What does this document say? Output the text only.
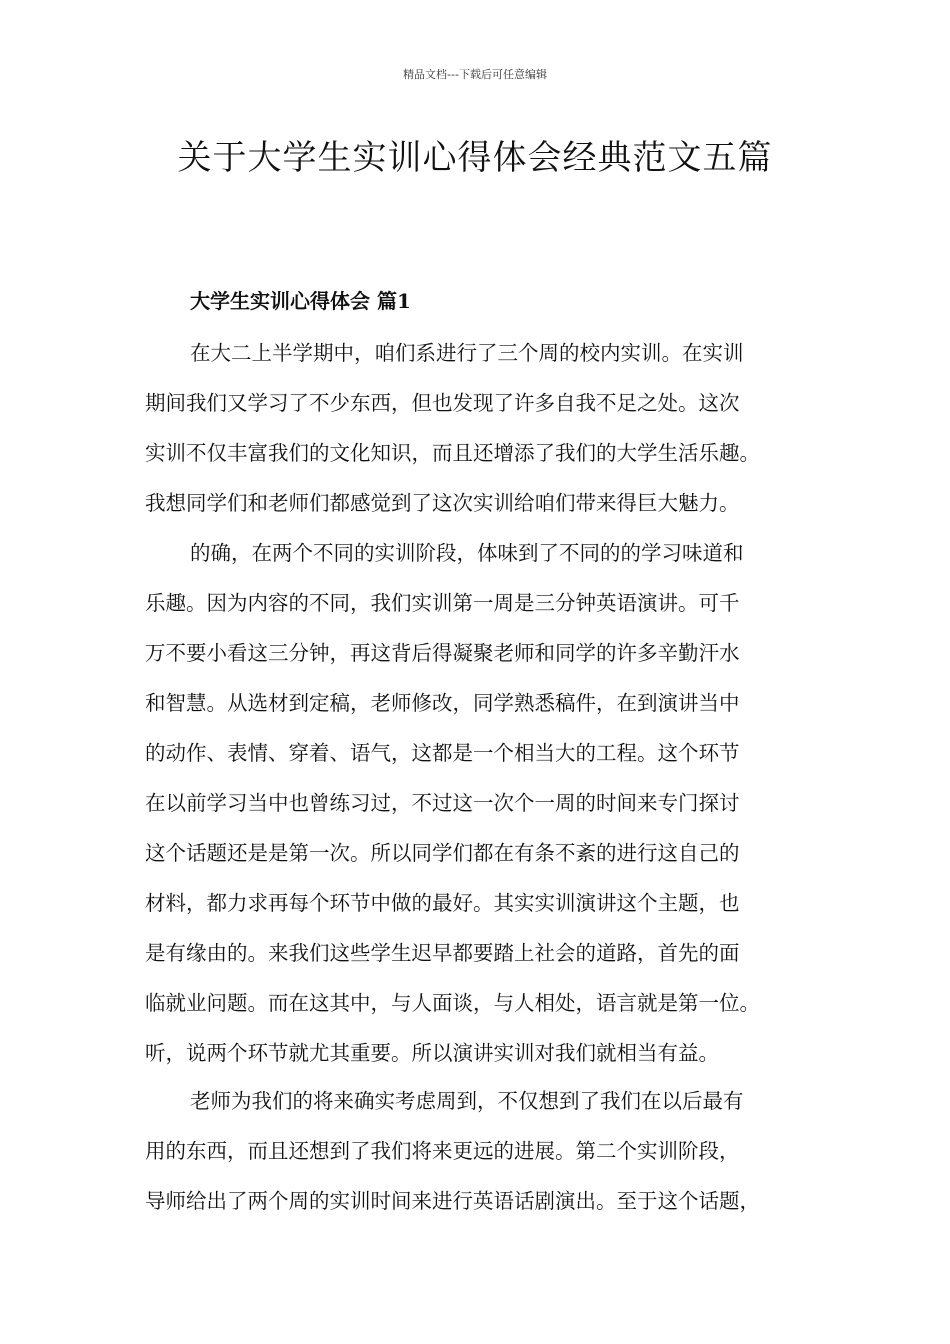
精品文档---下载后可任意编辑
关于大学生实训心得体会经典范文五篇
大学生实训心得体会 篇1
在大二上半学期中，咱们系进行了三个周的校内实训。在实训
期间我们又学习了不少东西，但也发现了许多自我不足之处。这次
实训不仅丰富我们的文化知识，而且还增添了我们的大学生活乐趣。
我想同学们和老师们都感觉到了这次实训给咱们带来得巨大魅力。
的确，在两个不同的实训阶段，体味到了不同的的学习味道和
乐趣。因为内容的不同，我们实训第一周是三分钟英语演讲。可千
万不要小看这三分钟，再这背后得凝聚老师和同学的许多辛勤汗水
和智慧。从选材到定稿，老师修改，同学熟悉稿件，在到演讲当中
的动作、表情、穿着、语气，这都是一个相当大的工程。这个环节
在以前学习当中也曾练习过，不过这一次个一周的时间来专门探讨
这个话题还是是第一次。所以同学们都在有条不紊的进行这自己的
材料，都力求再每个环节中做的最好。其实实训演讲这个主题，也
是有缘由的。来我们这些学生迟早都要踏上社会的道路，首先的面
临就业问题。而在这其中，与人面谈，与人相处，语言就是第一位。
听，说两个环节就尤其重要。所以演讲实训对我们就相当有益。
老师为我们的将来确实考虑周到，不仅想到了我们在以后最有
用的东西，而且还想到了我们将来更远的进展。第二个实训阶段，
导师给出了两个周的实训时间来进行英语话剧演出。至于这个话题，
